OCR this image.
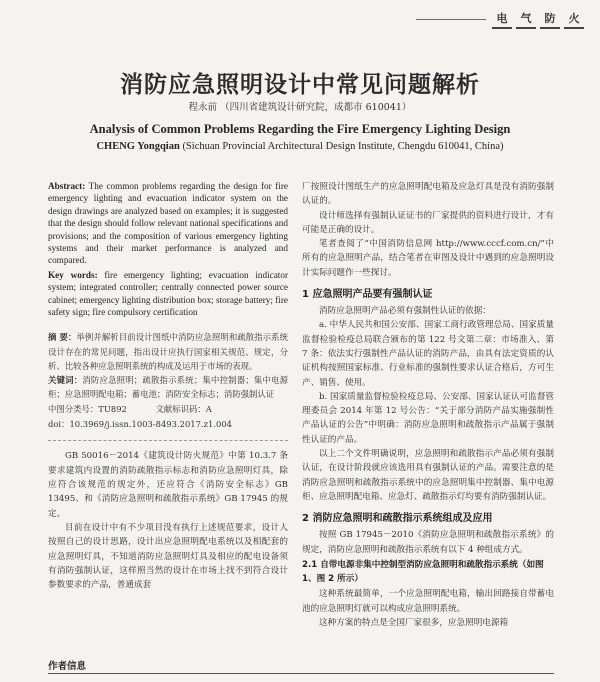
电	气	防	火
消防应急照明设计中常见问题解析
程永前 （四川省建筑设计研究院，成都市 610041）
Analysis of Common Problems Regarding the Fire Emergency Lighting Design
CHENG Yongqian (Sichuan Provincial Architectural Design Institute, Chengdu 610041, China)

Abstract: The common problems regarding the design for fire emergency lighting and evacuation indicator system on the design drawings are analyzed based on examples; it is suggested that the design should follow relevant national specifications and provisions; and the composition of various emergency lighting systems and their market performance is analyzed and compared.

Key words: fire emergency lighting; evacuation indicator system; integrated controller; centrally connected power source cabinet; emergency lighting distribution box; storage battery; fire safety sign; fire compulsory certification

摘 要：举例并解析目前设计图纸中消防应急照明和疏散指示系统设计存在的常见问题，指出设计应执行国家相关规范、规定，分析、比较各种应急照明系统的构成及运用于市场的表现。

关键词：消防应急照明；疏散指示系统；集中控制器；集中电源柜；应急照明配电箱；蓄电池；消防安全标志；消防强制认证

中图分类号：TU892	文献标识码：A
doi：10.3969/j.issn.1003-8493.2017.z1.004

GB 50016－2014《建筑设计防火规范》中第 10.3.7 条要求建筑内设置的消防疏散指示标志和消防应急照明灯具，除应符合该规范的规定外，还应符合《消防安全标志》GB 13495、和《消防应急照明和疏散指示系统》GB 17945 的规定。

目前在设计中有不少项目没有执行上述规范要求，设计人按照自己的设计思路，设计出应急照明配电系统以及相配套的应急照明灯具，不知道消防应急照明灯具及相应的配电设备须有消防强制认证，这样照当然的设计在市场上找不到符合设计参数要求的产品，普通成套

厂按照设计图纸生产的应急照明配电箱及应急灯具是没有消防强制认证的。

设计师选择有强制认证证书的厂家提供的资料进行设计，才有可能是正确的设计。

笔者查阅了“中国消防信息网 http://www.cccf.com.cn/”中所有的应急照明产品，结合笔者在审图及设计中遇到的应急照明设计实际问题作一些探讨。

1 应急照明产品要有强制认证

消防应急照明产品必须有强制性认证的依据：

a. 中华人民共和国公安部、国家工商行政管理总局、国家质量监督检验检疫总局联合颁布的第 122 号文第二章：市场准入、第 7 条：依法实行强制性产品认证的消防产品，由具有法定资质的认证机构按照国家标准、行业标准的强制性要求认证合格后，方可生产、销售、使用。

b. 国家质量监督检验检疫总局、公安部、国家认证认可监督管理委员会 2014 年第 12 号公告：“关于部分消防产品实施强制性产品认证的公告”中明确：消防应急照明和疏散指示产品属于强制性认证的产品。

以上二个文件明确说明，应急照明和疏散指示产品必须有强制认证，在设计阶段就应该选用具有强制认证的产品。需要注意的是消防应急照明和疏散指示系统中的应急照明集中控制器、集中电源柜、应急照明配电箱、应急灯、疏散指示灯均要有消防强制认证。

2 消防应急照明和疏散指示系统组成及应用

按照 GB 17945－2010《消防应急照明和疏散指示系统》的规定，消防应急照明和疏散指示系统有以下 4 种组成方式。

2.1 自带电源非集中控制型消防应急照明和疏散指示系统（如图 1、图 2 所示）

这种系统最简单，一个应急照明配电箱，输出回路接自带蓄电池的应急照明灯就可以构成应急照明系统。

这种方案的特点是全国厂家很多，应急照明电源箱

作者信息
